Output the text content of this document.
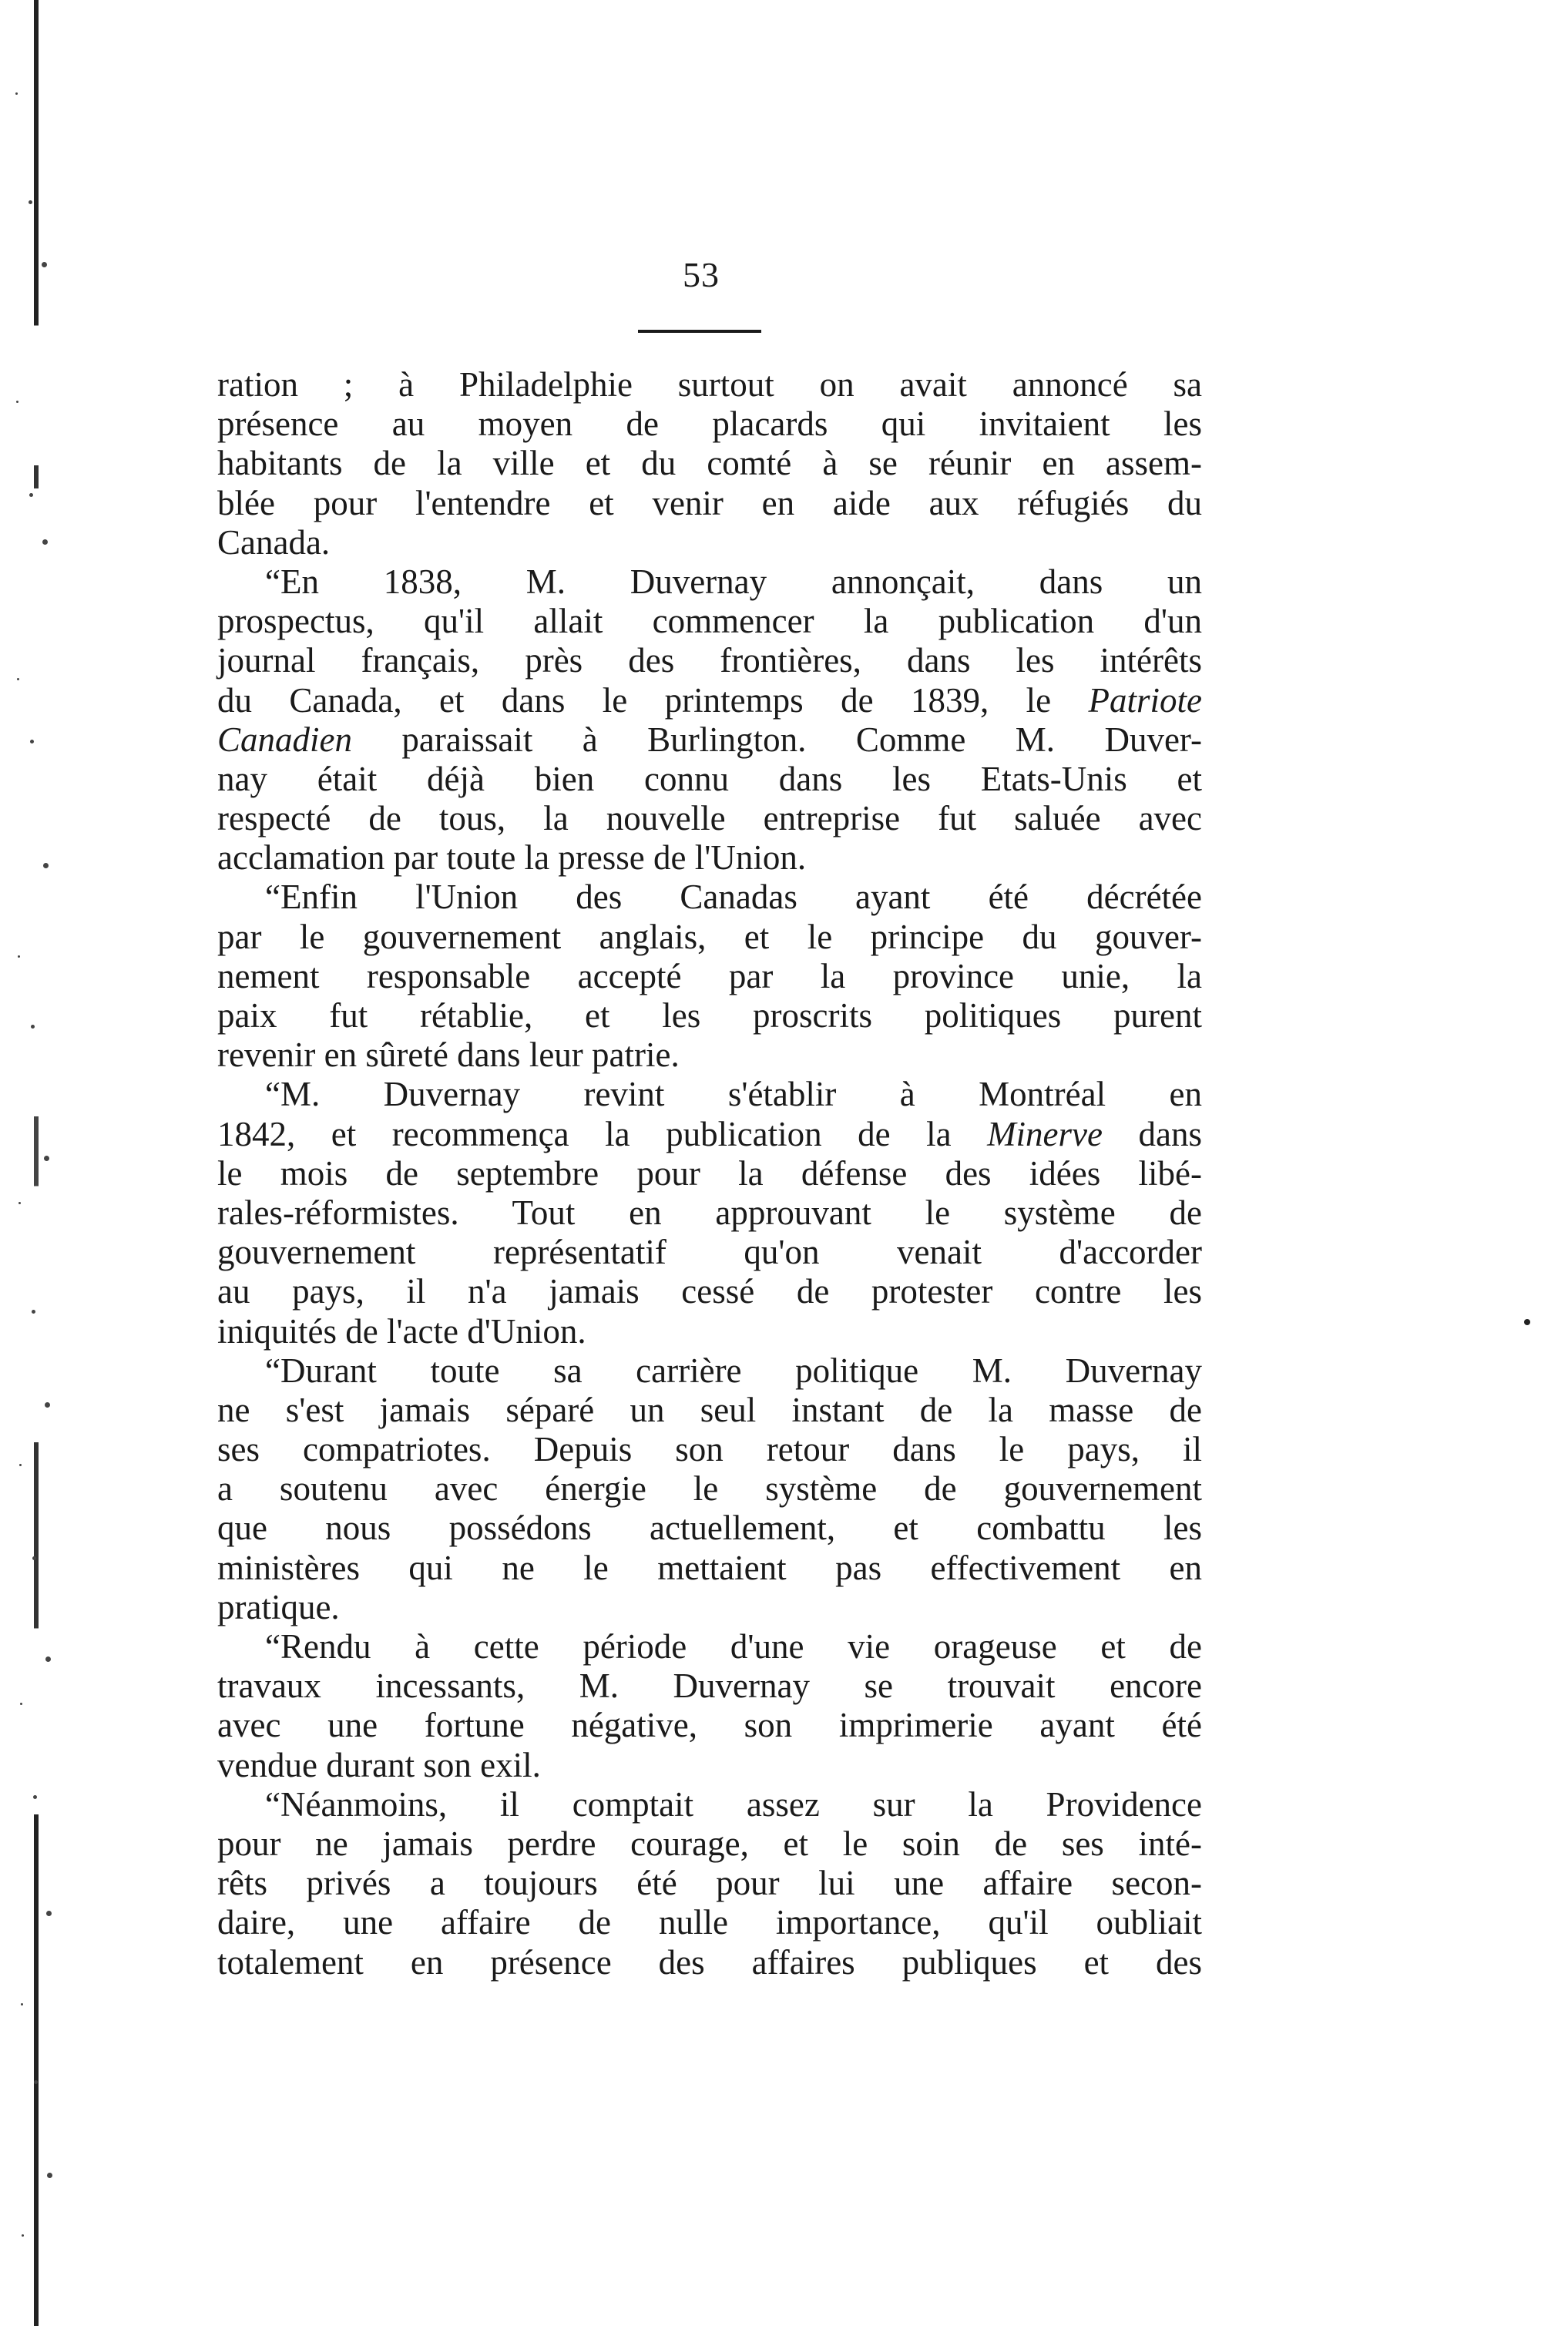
53
ration ; à Philadelphie surtout on avait annoncé sa
présence au moyen de placards qui invitaient les
habitants de la ville et du comté à se réunir en assem-
blée pour l'entendre et venir en aide aux réfugiés du
Canada.
“En 1838, M. Duvernay annonçait, dans un
prospectus, qu'il allait commencer la publication d'un
journal français, près des frontières, dans les intérêts
du Canada, et dans le printemps de 1839, le Patriote
Canadien paraissait à Burlington. Comme M. Duver-
nay était déjà bien connu dans les Etats-Unis et
respecté de tous, la nouvelle entreprise fut saluée avec
acclamation par toute la presse de l'Union.
“Enfin l'Union des Canadas ayant été décrétée
par le gouvernement anglais, et le principe du gouver-
nement responsable accepté par la province unie, la
paix fut rétablie, et les proscrits politiques purent
revenir en sûreté dans leur patrie.
“M. Duvernay revint s'établir à Montréal en
1842, et recommença la publication de la Minerve dans
le mois de septembre pour la défense des idées libé-
rales-réformistes. Tout en approuvant le système de
gouvernement représentatif qu'on venait d'accorder
au pays, il n'a jamais cessé de protester contre les
iniquités de l'acte d'Union.
“Durant toute sa carrière politique M. Duvernay
ne s'est jamais séparé un seul instant de la masse de
ses compatriotes. Depuis son retour dans le pays, il
a soutenu avec énergie le système de gouvernement
que nous possédons actuellement, et combattu les
ministères qui ne le mettaient pas effectivement en
pratique.
“Rendu à cette période d'une vie orageuse et de
travaux incessants, M. Duvernay se trouvait encore
avec une fortune négative, son imprimerie ayant été
vendue durant son exil.
“Néanmoins, il comptait assez sur la Providence
pour ne jamais perdre courage, et le soin de ses inté-
rêts privés a toujours été pour lui une affaire secon-
daire, une affaire de nulle importance, qu'il oubliait
totalement en présence des affaires publiques et des
